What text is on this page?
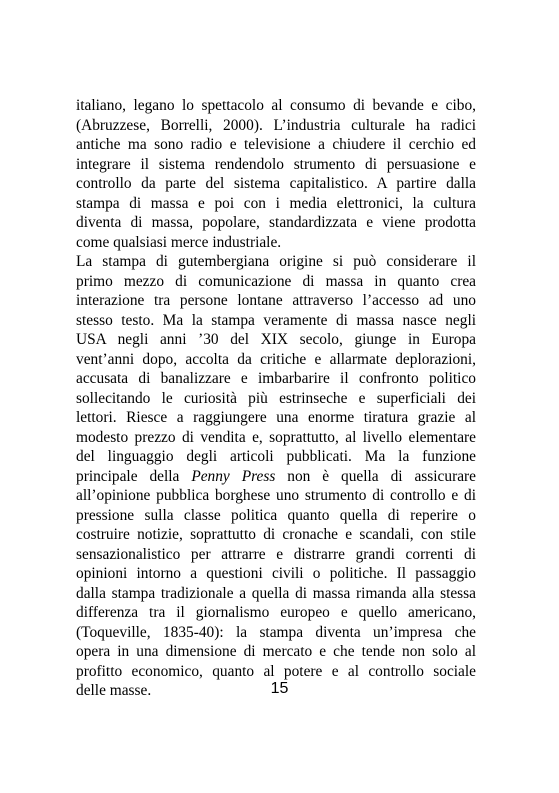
italiano, legano lo spettacolo al consumo di bevande e cibo,
(Abruzzese, Borrelli, 2000). L’industria culturale ha radici
antiche ma sono radio e televisione a chiudere il cerchio ed
integrare il sistema rendendolo strumento di persuasione e
controllo da parte del sistema capitalistico. A partire dalla
stampa di massa e poi con i media elettronici, la cultura
diventa di massa, popolare, standardizzata e viene prodotta
come qualsiasi merce industriale.
La stampa di gutembergiana origine si può considerare il
primo mezzo di comunicazione di massa in quanto crea
interazione tra persone lontane attraverso l’accesso ad uno
stesso testo. Ma la stampa veramente di massa nasce negli
USA negli anni ’30 del XIX secolo, giunge in Europa
vent’anni dopo, accolta da critiche e allarmate deplorazioni,
accusata di banalizzare e imbarbarire il confronto politico
sollecitando le curiosità più estrinseche e superficiali dei
lettori. Riesce a raggiungere una enorme tiratura grazie al
modesto prezzo di vendita e, soprattutto, al livello elementare
del linguaggio degli articoli pubblicati. Ma la funzione
principale della Penny Press non è quella di assicurare
all’opinione pubblica borghese uno strumento di controllo e di
pressione sulla classe politica quanto quella di reperire o
costruire notizie, soprattutto di cronache e scandali, con stile
sensazionalistico per attrarre e distrarre grandi correnti di
opinioni intorno a questioni civili o politiche. Il passaggio
dalla stampa tradizionale a quella di massa rimanda alla stessa
differenza tra il giornalismo europeo e quello americano,
(Toqueville, 1835-40): la stampa diventa un’impresa che
opera in una dimensione di mercato e che tende non solo al
profitto economico, quanto al potere e al controllo sociale
delle masse.	15
